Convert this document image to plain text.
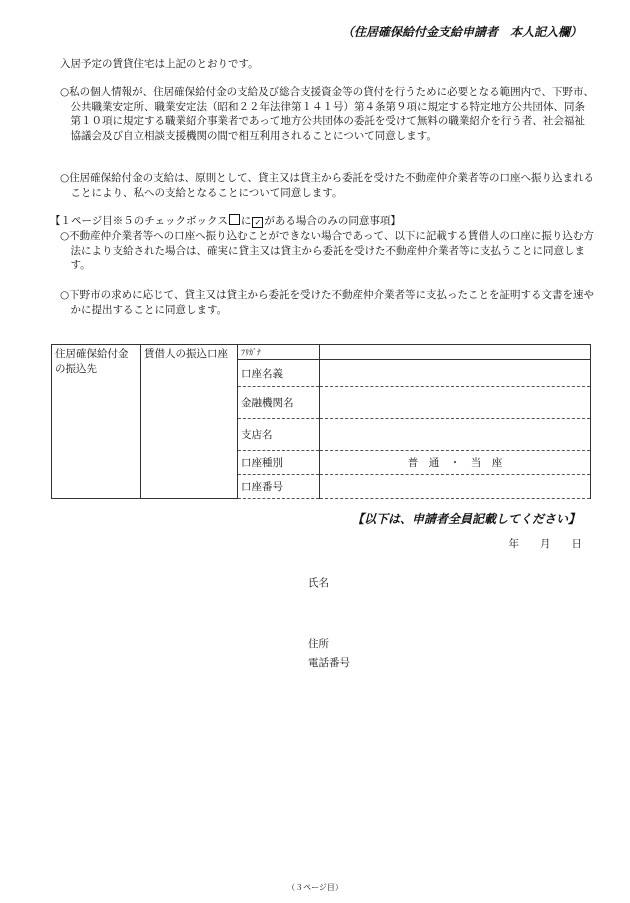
（住居確保給付金支給申請者　本人記入欄）

入居予定の賃貸住宅は上記のとおりです。

○私の個人情報が、住居確保給付金の支給及び総合支援資金等の貸付を行うために必要となる範囲内で、下野市、公共職業安定所、職業安定法（昭和２２年法律第１４１号）第４条第９項に規定する特定地方公共団体、同条第１０項に規定する職業紹介事業者であって地方公共団体の委託を受けて無料の職業紹介を行う者、社会福祉協議会及び自立相談支援機関の間で相互利用されることについて同意します。

○住居確保給付金の支給は、原則として、貸主又は貸主から委託を受けた不動産仲介業者等の口座へ振り込まれることにより、私への支給となることについて同意します。

【１ページ目※５のチェックボックス に ✓ がある場合のみの同意事項】

○不動産仲介業者等への口座へ振り込むことができない場合であって、以下に記載する賃借人の口座に振り込む方法により支給された場合は、確実に貸主又は貸主から委託を受けた不動産仲介業者等に支払うことに同意します。

○下野市の求めに応じて、貸主又は貸主から委託を受けた不動産仲介業者等に支払ったことを証明する文書を速やかに提出することに同意します。

住居確保給付金の振込先	賃借人の振込口座	ﾌﾘｶﾞﾅ	
		口座名義	
		金融機関名	
		支店名	
		口座種別	普　通　・　当　座
		口座番号	

【以下は、申請者全員記載してください】

年　　月　　日

氏名

住所

電話番号

（３ページ目）
